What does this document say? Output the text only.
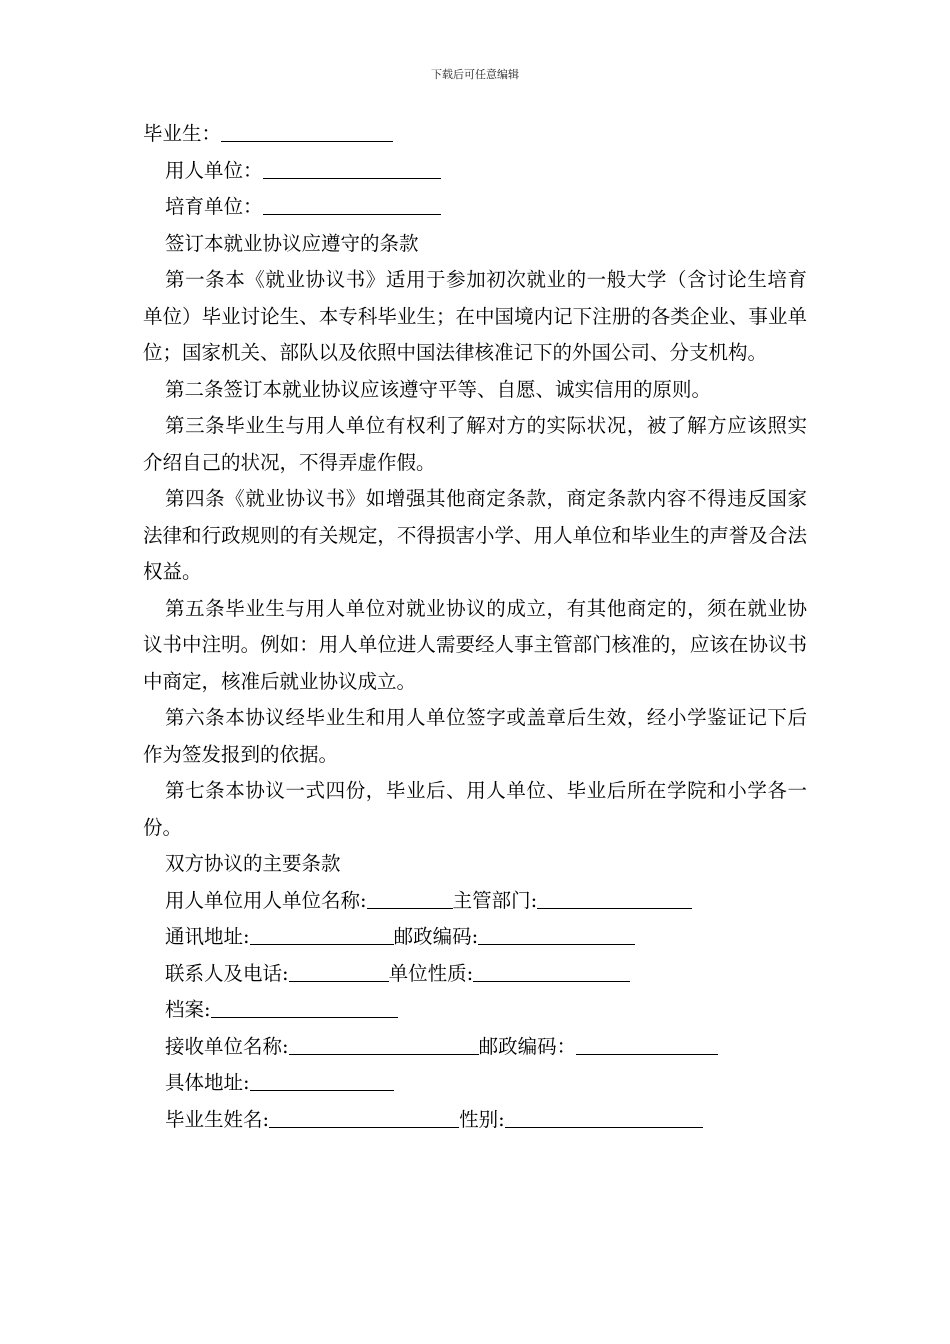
下载后可任意编辑
毕业生：
用人单位：
培育单位：
签订本就业协议应遵守的条款
第一条本《就业协议书》适用于参加初次就业的一般大学（含讨论生培育单位）毕业讨论生、本专科毕业生；在中国境内记下注册的各类企业、事业单位；国家机关、部队以及依照中国法律核准记下的外国公司、分支机构。
第二条签订本就业协议应该遵守平等、自愿、诚实信用的原则。
第三条毕业生与用人单位有权利了解对方的实际状况，被了解方应该照实介绍自己的状况，不得弄虚作假。
第四条《就业协议书》如增强其他商定条款，商定条款内容不得违反国家法律和行政规则的有关规定，不得损害小学、用人单位和毕业生的声誉及合法权益。
第五条毕业生与用人单位对就业协议的成立，有其他商定的，须在就业协议书中注明。例如：用人单位进人需要经人事主管部门核准的，应该在协议书中商定，核准后就业协议成立。
第六条本协议经毕业生和用人单位签字或盖章后生效，经小学鉴证记下后作为签发报到的依据。
第七条本协议一式四份，毕业后、用人单位、毕业后所在学院和小学各一份。
双方协议的主要条款
用人单位用人单位名称:	主管部门:
通讯地址:	邮政编码:
联系人及电话:	单位性质:
档案:
接收单位名称:	邮政编码：
具体地址:
毕业生姓名:	性别:
